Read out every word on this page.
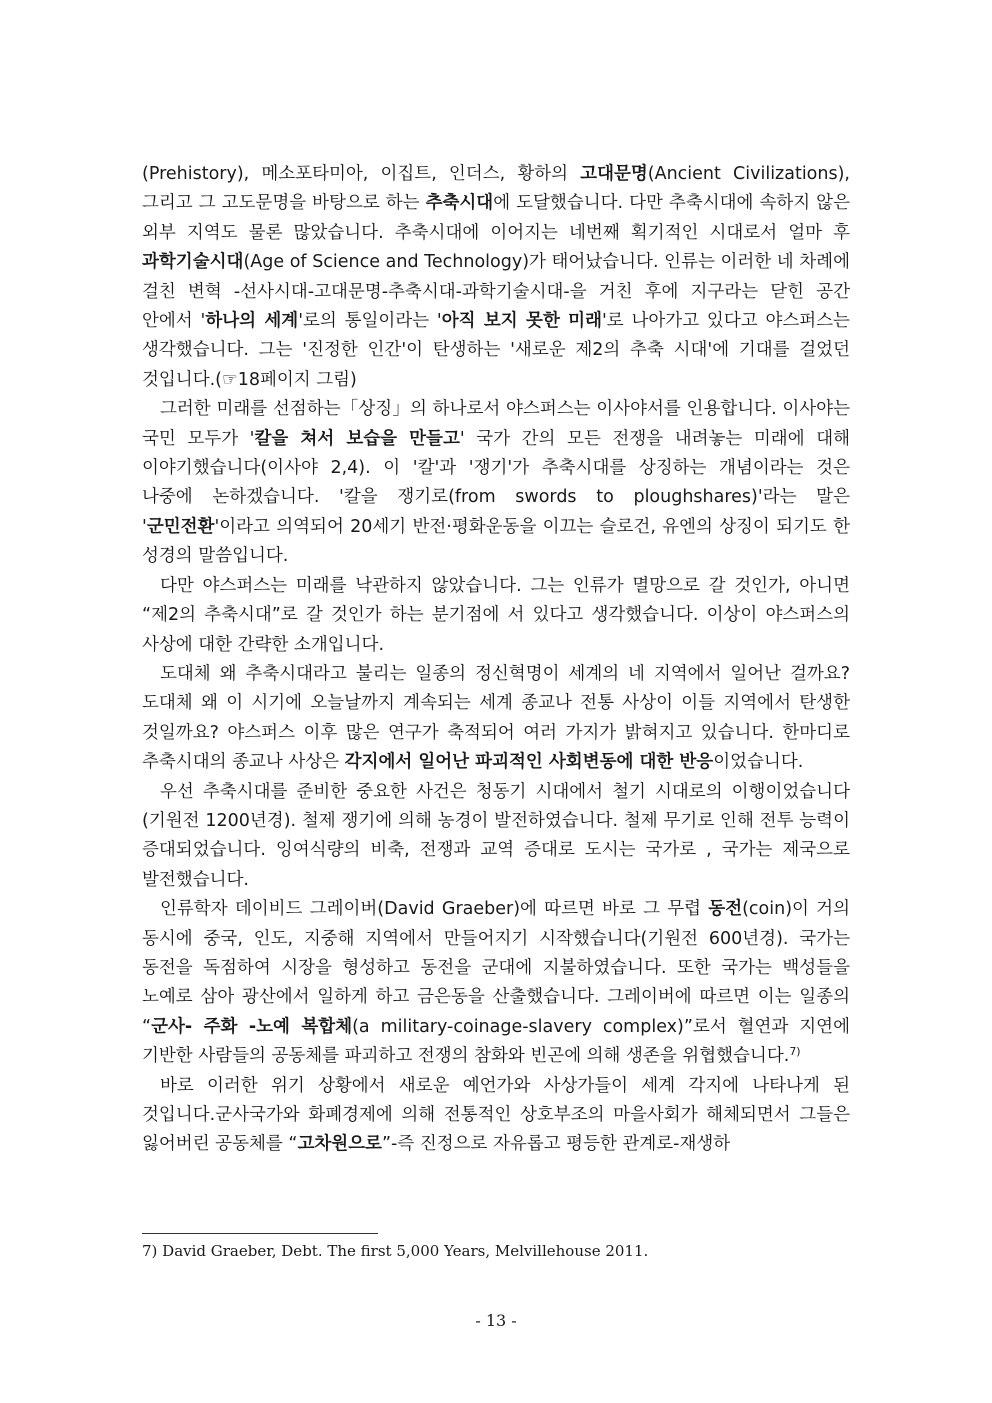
(Prehistory), 메소포타미아, 이집트, 인더스, 황하의 고대문명(Ancient Civilizations), 그리고 그 고도문명을 바탕으로 하는 추축시대에 도달했습니다. 다만 추축시대에 속하지 않은 외부 지역도 물론 많았습니다. 추축시대에 이어지는 네번째 획기적인 시대로서 얼마 후 과학기술시대(Age of Science and Technology)가 태어났습니다. 인류는 이러한 네 차례에 걸친 변혁 -선사시대-고대문명-추축시대-과학기술시대-을 거친 후에 지구라는 닫힌 공간 안에서 '하나의 세계'로의 통일이라는 '아직 보지 못한 미래'로 나아가고 있다고 야스퍼스는 생각했습니다. 그는 '진정한 인간'이 탄생하는 '새로운 제2의 추축 시대'에 기대를 걸었던 것입니다.(☞18페이지 그림)

그러한 미래를 선점하는「상징」의 하나로서 야스퍼스는 이사야서를 인용합니다. 이사야는 국민 모두가 '칼을 쳐서 보습을 만들고' 국가 간의 모든 전쟁을 내려놓는 미래에 대해 이야기했습니다(이사야 2,4). 이 '칼'과 '쟁기'가 추축시대를 상징하는 개념이라는 것은 나중에 논하겠습니다. '칼을 쟁기로(from swords to ploughshares)'라는 말은 '군민전환'이라고 의역되어 20세기 반전·평화운동을 이끄는 슬로건, 유엔의 상징이 되기도 한 성경의 말씀입니다.

다만 야스퍼스는 미래를 낙관하지 않았습니다. 그는 인류가 멸망으로 갈 것인가, 아니면 “제2의 추축시대”로 갈 것인가 하는 분기점에 서 있다고 생각했습니다. 이상이 야스퍼스의 사상에 대한 간략한 소개입니다.

도대체 왜 추축시대라고 불리는 일종의 정신혁명이 세계의 네 지역에서 일어난 걸까요? 도대체 왜 이 시기에 오늘날까지 계속되는 세계 종교나 전통 사상이 이들 지역에서 탄생한 것일까요? 야스퍼스 이후 많은 연구가 축적되어 여러 가지가 밝혀지고 있습니다. 한마디로 추축시대의 종교나 사상은 각지에서 일어난 파괴적인 사회변동에 대한 반응이었습니다.

우선 추축시대를 준비한 중요한 사건은 청동기 시대에서 철기 시대로의 이행이었습니다(기원전 1200년경). 철제 쟁기에 의해 농경이 발전하였습니다. 철제 무기로 인해 전투 능력이 증대되었습니다. 잉여식량의 비축, 전쟁과 교역 증대로 도시는 국가로 , 국가는 제국으로 발전했습니다.

인류학자 데이비드 그레이버(David Graeber)에 따르면 바로 그 무렵 동전(coin)이 거의 동시에 중국, 인도, 지중해 지역에서 만들어지기 시작했습니다(기원전 600년경). 국가는 동전을 독점하여 시장을 형성하고 동전을 군대에 지불하였습니다. 또한 국가는 백성들을 노예로 삼아 광산에서 일하게 하고 금은동을 산출했습니다. 그레이버에 따르면 이는 일종의 “군사- 주화 -노예 복합체(a military-coinage-slavery complex)”로서 혈연과 지연에 기반한 사람들의 공동체를 파괴하고 전쟁의 참화와 빈곤에 의해 생존을 위협했습니다.$^{7)}$

바로 이러한 위기 상황에서 새로운 예언가와 사상가들이 세계 각지에 나타나게 된 것입니다.군사국가와 화폐경제에 의해 전통적인 상호부조의 마을사회가 해체되면서 그들은 잃어버린 공동체를 “고차원으로”-즉 진정으로 자유롭고 평등한 관계로-재생하

7) David Graeber, Debt. The first 5,000 Years, Melvillehouse 2011.
- 13 -
